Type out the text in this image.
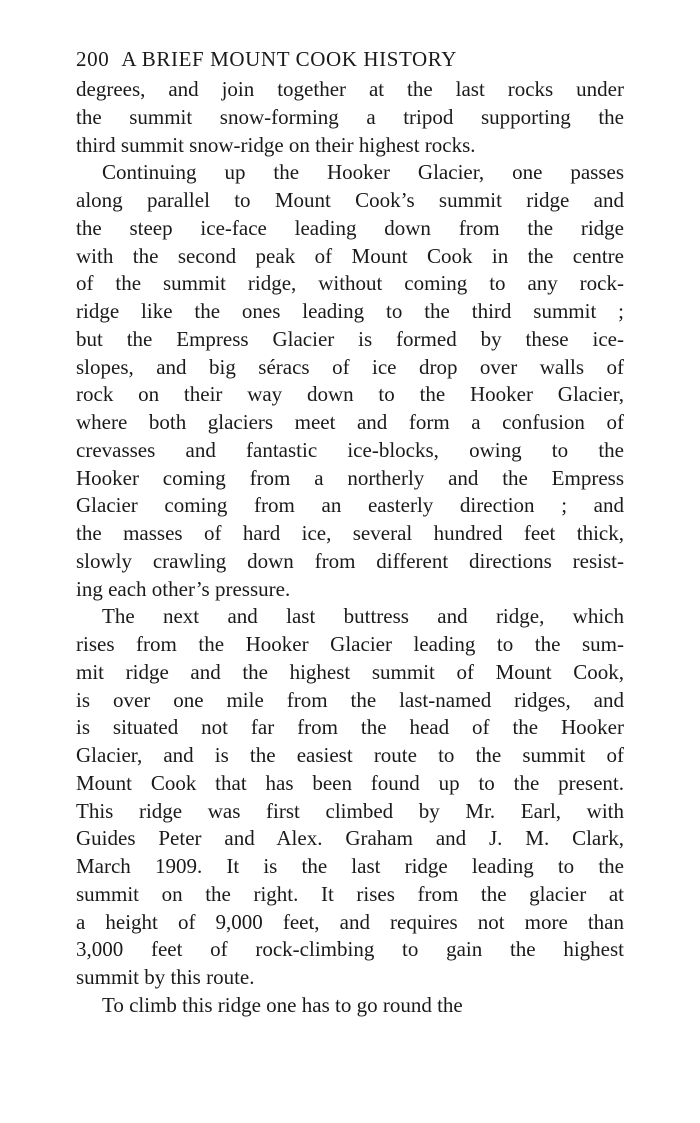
200 A BRIEF MOUNT COOK HISTORY
degrees, and join together at the last rocks under
the summit snow-forming a tripod supporting the
third summit snow-ridge on their highest rocks.
Continuing up the Hooker Glacier, one passes
along parallel to Mount Cook’s summit ridge and
the steep ice-face leading down from the ridge
with the second peak of Mount Cook in the centre
of the summit ridge, without coming to any rock-
ridge like the ones leading to the third summit ;
but the Empress Glacier is formed by these ice-
slopes, and big séracs of ice drop over walls of
rock on their way down to the Hooker Glacier,
where both glaciers meet and form a confusion of
crevasses and fantastic ice-blocks, owing to the
Hooker coming from a northerly and the Empress
Glacier coming from an easterly direction ; and
the masses of hard ice, several hundred feet thick,
slowly crawling down from different directions resist-
ing each other’s pressure.
The next and last buttress and ridge, which
rises from the Hooker Glacier leading to the sum-
mit ridge and the highest summit of Mount Cook,
is over one mile from the last-named ridges, and
is situated not far from the head of the Hooker
Glacier, and is the easiest route to the summit of
Mount Cook that has been found up to the present.
This ridge was first climbed by Mr. Earl, with
Guides Peter and Alex. Graham and J. M. Clark,
March 1909. It is the last ridge leading to the
summit on the right. It rises from the glacier at
a height of 9,000 feet, and requires not more than
3,000 feet of rock-climbing to gain the highest
summit by this route.
To climb this ridge one has to go round the
